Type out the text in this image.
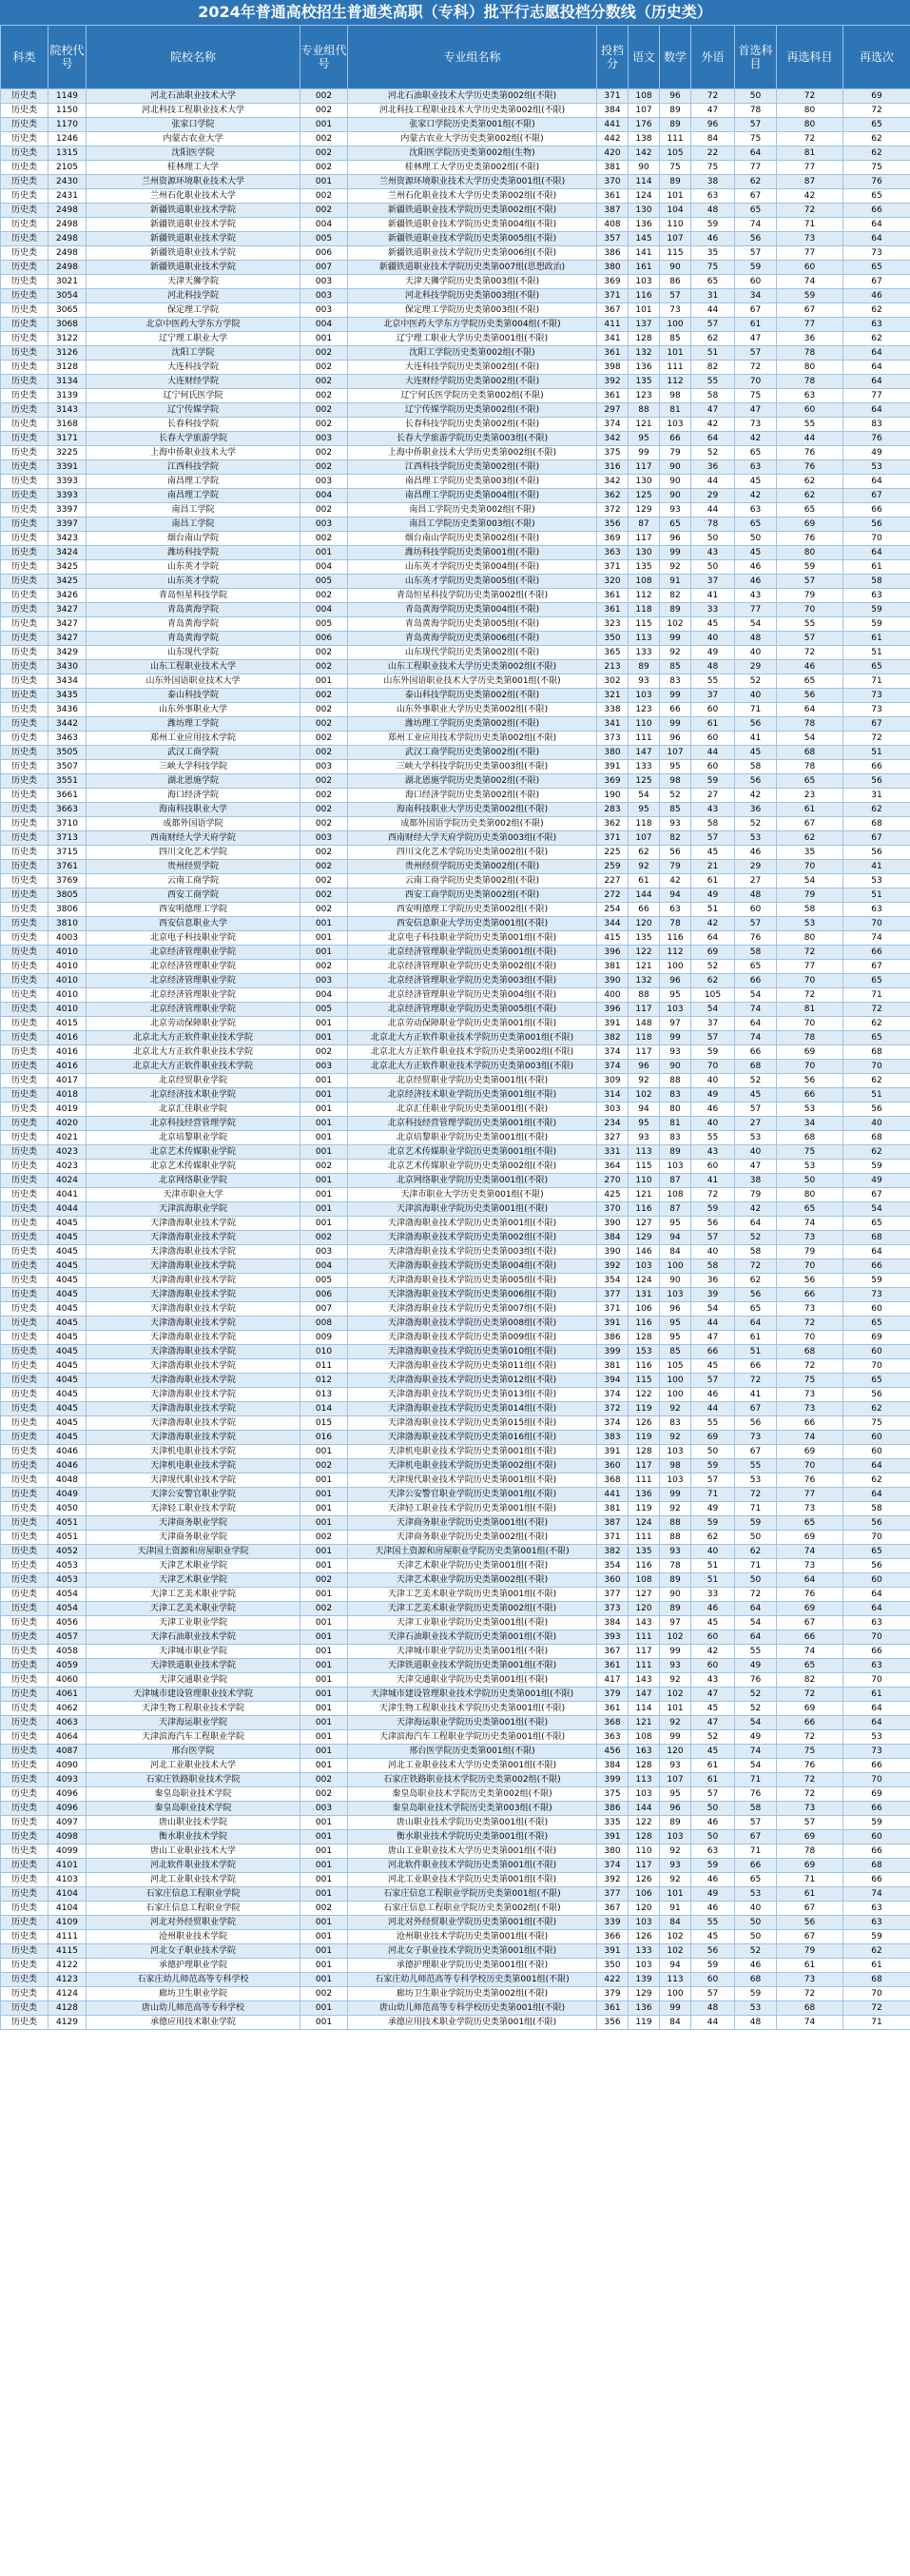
2024年普通高校招生普通类高职（专科）批平行志愿投档分数线（历史类）
科类	院校代号	院校名称	专业组代号	专业组名称	投档分	语文	数学	外语	首选科目	再选科目	再选次
历史类	1149	河北石油职业技术大学	002	河北石油职业技术大学历史类第002组(不限)	371	108	96	72	50	72	69
历史类	1150	河北科技工程职业技术大学	002	河北科技工程职业技术大学历史类第002组(不限)	384	107	89	47	78	80	72
历史类	1170	张家口学院	001	张家口学院历史类第001组(不限)	441	176	89	96	57	80	65
历史类	1246	内蒙古农业大学	002	内蒙古农业大学历史类第002组(不限)	442	138	111	84	75	72	62
历史类	1315	沈阳医学院	002	沈阳医学院历史类第002组(生物)	420	142	105	22	64	81	62
历史类	2105	桂林理工大学	002	桂林理工大学历史类第002组(不限)	381	90	75	75	77	77	75
历史类	2430	兰州资源环境职业技术大学	001	兰州资源环境职业技术大学历史类第001组(不限)	370	114	89	38	62	87	76
历史类	2431	兰州石化职业技术大学	002	兰州石化职业技术大学历史类第002组(不限)	361	124	101	63	67	42	65
历史类	2498	新疆铁道职业技术学院	002	新疆铁道职业技术学院历史类第002组(不限)	387	130	104	48	65	72	66
历史类	2498	新疆铁道职业技术学院	004	新疆铁道职业技术学院历史类第004组(不限)	408	136	110	59	74	71	64
历史类	2498	新疆铁道职业技术学院	005	新疆铁道职业技术学院历史类第005组(不限)	357	145	107	46	56	73	64
历史类	2498	新疆铁道职业技术学院	006	新疆铁道职业技术学院历史类第006组(不限)	386	141	115	35	57	77	73
历史类	2498	新疆铁道职业技术学院	007	新疆铁道职业技术学院历史类第007组(思想政治)	380	161	90	75	59	60	65
历史类	3021	天津天狮学院	003	天津天狮学院历史类第003组(不限)	369	103	86	65	60	74	67
历史类	3054	河北科技学院	003	河北科技学院历史类第003组(不限)	371	116	57	31	34	59	46
历史类	3065	保定理工学院	003	保定理工学院历史类第003组(不限)	367	101	73	44	67	67	62
历史类	3068	北京中医药大学东方学院	004	北京中医药大学东方学院历史类第004组(不限)	411	137	100	57	61	77	63
历史类	3122	辽宁理工职业大学	001	辽宁理工职业大学历史类第001组(不限)	341	128	85	62	47	36	62
历史类	3126	沈阳工学院	002	沈阳工学院历史类第002组(不限)	361	132	101	51	57	78	64
历史类	3128	大连科技学院	002	大连科技学院历史类第002组(不限)	398	136	111	82	72	80	64
历史类	3134	大连财经学院	002	大连财经学院历史类第002组(不限)	392	135	112	55	70	78	64
历史类	3139	辽宁何氏医学院	002	辽宁何氏医学院历史类第002组(不限)	361	123	98	58	75	63	77
历史类	3143	辽宁传媒学院	002	辽宁传媒学院历史类第002组(不限)	297	88	81	47	47	60	64
历史类	3168	长春科技学院	002	长春科技学院历史类第002组(不限)	374	121	103	42	73	55	83
历史类	3171	长春大学旅游学院	003	长春大学旅游学院历史类第003组(不限)	342	95	66	64	42	44	76
历史类	3225	上海中侨职业技术大学	002	上海中侨职业技术大学历史类第002组(不限)	375	99	79	52	65	76	49
历史类	3391	江西科技学院	002	江西科技学院历史类第002组(不限)	316	117	90	36	63	76	53
历史类	3393	南昌理工学院	003	南昌理工学院历史类第003组(不限)	342	130	90	44	45	62	64
历史类	3393	南昌理工学院	004	南昌理工学院历史类第004组(不限)	362	125	90	29	42	62	67
历史类	3397	南昌工学院	002	南昌工学院历史类第002组(不限)	372	129	93	44	63	65	66
历史类	3397	南昌工学院	003	南昌工学院历史类第003组(不限)	356	87	65	78	65	69	56
历史类	3423	烟台南山学院	002	烟台南山学院历史类第002组(不限)	369	117	96	50	50	76	70
历史类	3424	潍坊科技学院	001	潍坊科技学院历史类第001组(不限)	363	130	99	43	45	80	64
历史类	3425	山东英才学院	004	山东英才学院历史类第004组(不限)	371	135	92	50	46	59	61
历史类	3425	山东英才学院	005	山东英才学院历史类第005组(不限)	320	108	91	37	46	57	58
历史类	3426	青岛恒星科技学院	002	青岛恒星科技学院历史类第002组(不限)	361	112	82	41	43	79	63
历史类	3427	青岛黄海学院	004	青岛黄海学院历史类第004组(不限)	361	118	89	33	77	70	59
历史类	3427	青岛黄海学院	005	青岛黄海学院历史类第005组(不限)	323	115	102	45	54	55	59
历史类	3427	青岛黄海学院	006	青岛黄海学院历史类第006组(不限)	350	113	99	40	48	57	61
历史类	3429	山东现代学院	002	山东现代学院历史类第002组(不限)	365	133	92	49	40	72	51
历史类	3430	山东工程职业技术大学	002	山东工程职业技术大学历史类第002组(不限)	213	89	85	48	29	46	65
历史类	3434	山东外国语职业技术大学	001	山东外国语职业技术大学历史类第001组(不限)	302	93	83	55	52	65	71
历史类	3435	泰山科技学院	002	泰山科技学院历史类第002组(不限)	321	103	99	37	40	56	73
历史类	3436	山东外事职业大学	002	山东外事职业大学历史类第002组(不限)	338	123	66	60	71	64	73
历史类	3442	潍坊理工学院	002	潍坊理工学院历史类第002组(不限)	341	110	99	61	56	78	67
历史类	3463	郑州工业应用技术学院	002	郑州工业应用技术学院历史类第002组(不限)	373	111	96	60	41	54	72
历史类	3505	武汉工商学院	002	武汉工商学院历史类第002组(不限)	380	147	107	44	45	68	51
历史类	3507	三峡大学科技学院	003	三峡大学科技学院历史类第003组(不限)	391	133	95	60	58	78	66
历史类	3551	湖北恩施学院	002	湖北恩施学院历史类第002组(不限)	369	125	98	59	56	65	56
历史类	3661	海口经济学院	002	海口经济学院历史类第002组(不限)	190	54	52	27	42	23	31
历史类	3663	海南科技职业大学	002	海南科技职业大学历史类第002组(不限)	283	95	85	43	36	61	62
历史类	3710	成都外国语学院	002	成都外国语学院历史类第002组(不限)	362	118	93	58	52	67	68
历史类	3713	西南财经大学天府学院	003	西南财经大学天府学院历史类第003组(不限)	371	107	82	57	53	62	67
历史类	3715	四川文化艺术学院	002	四川文化艺术学院历史类第002组(不限)	225	62	56	45	46	35	56
历史类	3761	贵州经贸学院	002	贵州经贸学院历史类第002组(不限)	259	92	79	21	29	70	41
历史类	3769	云南工商学院	002	云南工商学院历史类第002组(不限)	227	61	42	61	27	54	53
历史类	3805	西安工商学院	002	西安工商学院历史类第002组(不限)	272	144	94	49	48	79	51
历史类	3806	西安明德理工学院	002	西安明德理工学院历史类第002组(不限)	254	66	63	51	60	58	63
历史类	3810	西安信息职业大学	001	西安信息职业大学历史类第001组(不限)	344	120	78	42	57	53	70
历史类	4003	北京电子科技职业学院	001	北京电子科技职业学院历史类第001组(不限)	415	135	116	64	76	80	74
历史类	4010	北京经济管理职业学院	001	北京经济管理职业学院历史类第001组(不限)	396	122	112	69	58	72	66
历史类	4010	北京经济管理职业学院	002	北京经济管理职业学院历史类第002组(不限)	381	121	100	52	65	77	67
历史类	4010	北京经济管理职业学院	003	北京经济管理职业学院历史类第003组(不限)	390	132	96	62	66	70	65
历史类	4010	北京经济管理职业学院	004	北京经济管理职业学院历史类第004组(不限)	400	88	95	105	54	72	71
历史类	4010	北京经济管理职业学院	005	北京经济管理职业学院历史类第005组(不限)	396	117	103	54	74	81	72
历史类	4015	北京劳动保障职业学院	001	北京劳动保障职业学院历史类第001组(不限)	391	148	97	37	64	70	62
历史类	4016	北京北大方正软件职业技术学院	001	北京北大方正软件职业技术学院历史类第001组(不限)	382	118	99	57	74	78	65
历史类	4016	北京北大方正软件职业技术学院	002	北京北大方正软件职业技术学院历史类第002组(不限)	374	117	93	59	66	69	68
历史类	4016	北京北大方正软件职业技术学院	003	北京北大方正软件职业技术学院历史类第003组(不限)	374	96	90	70	68	70	70
历史类	4017	北京经贸职业学院	001	北京经贸职业学院历史类第001组(不限)	309	92	88	40	52	56	62
历史类	4018	北京经济技术职业学院	001	北京经济技术职业学院历史类第001组(不限)	314	102	83	49	45	66	51
历史类	4019	北京汇佳职业学院	001	北京汇佳职业学院历史类第001组(不限)	303	94	80	46	57	53	56
历史类	4020	北京科技经营管理学院	001	北京科技经营管理学院历史类第001组(不限)	234	95	81	40	27	34	40
历史类	4021	北京培黎职业学院	001	北京培黎职业学院历史类第001组(不限)	327	93	83	55	53	68	68
历史类	4023	北京艺术传媒职业学院	001	北京艺术传媒职业学院历史类第001组(不限)	331	113	89	43	40	75	62
历史类	4023	北京艺术传媒职业学院	002	北京艺术传媒职业学院历史类第002组(不限)	364	115	103	60	47	53	59
历史类	4024	北京网络职业学院	001	北京网络职业学院历史类第001组(不限)	270	110	87	41	38	50	49
历史类	4041	天津市职业大学	001	天津市职业大学历史类第001组(不限)	425	121	108	72	79	80	67
历史类	4044	天津滨海职业学院	001	天津滨海职业学院历史类第001组(不限)	370	116	87	59	42	65	54
历史类	4045	天津渤海职业技术学院	001	天津渤海职业技术学院历史类第001组(不限)	390	127	95	56	64	74	65
历史类	4045	天津渤海职业技术学院	002	天津渤海职业技术学院历史类第002组(不限)	384	129	94	57	52	73	68
历史类	4045	天津渤海职业技术学院	003	天津渤海职业技术学院历史类第003组(不限)	390	146	84	40	58	79	64
历史类	4045	天津渤海职业技术学院	004	天津渤海职业技术学院历史类第004组(不限)	392	103	100	58	72	70	66
历史类	4045	天津渤海职业技术学院	005	天津渤海职业技术学院历史类第005组(不限)	354	124	90	36	62	56	59
历史类	4045	天津渤海职业技术学院	006	天津渤海职业技术学院历史类第006组(不限)	377	131	103	39	56	66	73
历史类	4045	天津渤海职业技术学院	007	天津渤海职业技术学院历史类第007组(不限)	371	106	96	54	65	73	60
历史类	4045	天津渤海职业技术学院	008	天津渤海职业技术学院历史类第008组(不限)	391	116	95	44	64	72	65
历史类	4045	天津渤海职业技术学院	009	天津渤海职业技术学院历史类第009组(不限)	386	128	95	47	61	70	69
历史类	4045	天津渤海职业技术学院	010	天津渤海职业技术学院历史类第010组(不限)	399	153	85	66	51	68	60
历史类	4045	天津渤海职业技术学院	011	天津渤海职业技术学院历史类第011组(不限)	381	116	105	45	66	72	70
历史类	4045	天津渤海职业技术学院	012	天津渤海职业技术学院历史类第012组(不限)	394	115	100	57	72	75	65
历史类	4045	天津渤海职业技术学院	013	天津渤海职业技术学院历史类第013组(不限)	374	122	100	46	41	73	56
历史类	4045	天津渤海职业技术学院	014	天津渤海职业技术学院历史类第014组(不限)	372	119	92	44	67	73	62
历史类	4045	天津渤海职业技术学院	015	天津渤海职业技术学院历史类第015组(不限)	374	126	83	55	56	66	75
历史类	4045	天津渤海职业技术学院	016	天津渤海职业技术学院历史类第016组(不限)	383	119	92	69	73	74	60
历史类	4046	天津机电职业技术学院	001	天津机电职业技术学院历史类第001组(不限)	391	128	103	50	67	69	60
历史类	4046	天津机电职业技术学院	002	天津机电职业技术学院历史类第002组(不限)	360	117	98	59	55	70	64
历史类	4048	天津现代职业技术学院	001	天津现代职业技术学院历史类第001组(不限)	368	111	103	57	53	76	62
历史类	4049	天津公安警官职业学院	001	天津公安警官职业学院历史类第001组(不限)	441	136	99	71	72	77	64
历史类	4050	天津轻工职业技术学院	001	天津轻工职业技术学院历史类第001组(不限)	381	119	92	49	71	73	58
历史类	4051	天津商务职业学院	001	天津商务职业学院历史类第001组(不限)	387	124	88	59	59	65	56
历史类	4051	天津商务职业学院	002	天津商务职业学院历史类第002组(不限)	371	111	88	62	50	69	70
历史类	4052	天津国土资源和房屋职业学院	001	天津国土资源和房屋职业学院历史类第001组(不限)	382	135	93	40	62	74	65
历史类	4053	天津艺术职业学院	001	天津艺术职业学院历史类第001组(不限)	354	116	78	51	71	73	56
历史类	4053	天津艺术职业学院	002	天津艺术职业学院历史类第002组(不限)	360	108	89	51	50	64	60
历史类	4054	天津工艺美术职业学院	001	天津工艺美术职业学院历史类第001组(不限)	377	127	90	33	72	76	64
历史类	4054	天津工艺美术职业学院	002	天津工艺美术职业学院历史类第002组(不限)	373	120	89	46	64	69	64
历史类	4056	天津工业职业学院	001	天津工业职业学院历史类第001组(不限)	384	143	97	45	54	67	63
历史类	4057	天津石油职业技术学院	001	天津石油职业技术学院历史类第001组(不限)	393	111	102	60	64	66	70
历史类	4058	天津城市职业学院	001	天津城市职业学院历史类第001组(不限)	367	117	99	42	55	74	66
历史类	4059	天津铁道职业技术学院	001	天津铁道职业技术学院历史类第001组(不限)	361	111	93	60	49	65	63
历史类	4060	天津交通职业学院	001	天津交通职业学院历史类第001组(不限)	417	143	92	43	76	82	70
历史类	4061	天津城市建设管理职业技术学院	001	天津城市建设管理职业技术学院历史类第001组(不限)	379	147	102	47	52	72	61
历史类	4062	天津生物工程职业技术学院	001	天津生物工程职业技术学院历史类第001组(不限)	361	114	101	45	52	69	64
历史类	4063	天津海运职业学院	001	天津海运职业学院历史类第001组(不限)	368	121	92	47	54	66	64
历史类	4064	天津滨海汽车工程职业学院	001	天津滨海汽车工程职业学院历史类第001组(不限)	363	108	99	52	49	72	53
历史类	4087	邢台医学院	001	邢台医学院历史类第001组(不限)	456	163	120	45	74	75	73
历史类	4090	河北工业职业技术大学	001	河北工业职业技术大学历史类第001组(不限)	384	128	93	61	54	76	66
历史类	4093	石家庄铁路职业技术学院	002	石家庄铁路职业技术学院历史类第002组(不限)	399	113	107	61	71	72	70
历史类	4096	秦皇岛职业技术学院	002	秦皇岛职业技术学院历史类第002组(不限)	375	103	95	57	76	72	69
历史类	4096	秦皇岛职业技术学院	003	秦皇岛职业技术学院历史类第003组(不限)	386	144	96	50	58	73	66
历史类	4097	唐山职业技术学院	001	唐山职业技术学院历史类第001组(不限)	335	122	89	46	57	57	59
历史类	4098	衡水职业技术学院	001	衡水职业技术学院历史类第001组(不限)	391	128	103	50	67	69	60
历史类	4099	唐山工业职业技术大学	001	唐山工业职业技术大学历史类第001组(不限)	380	110	92	63	71	78	66
历史类	4101	河北软件职业技术学院	001	河北软件职业技术学院历史类第001组(不限)	374	117	93	59	66	69	68
历史类	4103	河北工业职业技术学院	001	河北工业职业技术学院历史类第001组(不限)	392	126	92	46	65	71	66
历史类	4104	石家庄信息工程职业学院	001	石家庄信息工程职业学院历史类第001组(不限)	377	106	101	49	53	61	74
历史类	4104	石家庄信息工程职业学院	002	石家庄信息工程职业学院历史类第002组(不限)	367	120	91	46	40	67	63
历史类	4109	河北对外经贸职业学院	001	河北对外经贸职业学院历史类第001组(不限)	339	103	84	55	50	56	63
历史类	4111	沧州职业技术学院	001	沧州职业技术学院历史类第001组(不限)	366	126	102	45	50	67	59
历史类	4115	河北女子职业技术学院	001	河北女子职业技术学院历史类第001组(不限)	391	133	102	56	52	79	62
历史类	4122	承德护理职业学院	001	承德护理职业学院历史类第001组(不限)	350	103	94	59	46	61	61
历史类	4123	石家庄幼儿师范高等专科学校	001	石家庄幼儿师范高等专科学校历史类第001组(不限)	422	139	113	60	68	73	68
历史类	4124	廊坊卫生职业学院	002	廊坊卫生职业学院历史类第002组(不限)	379	129	100	57	59	72	70
历史类	4128	唐山幼儿师范高等专科学校	001	唐山幼儿师范高等专科学校历史类第001组(不限)	361	136	99	48	53	68	72
历史类	4129	承德应用技术职业学院	001	承德应用技术职业学院历史类第001组(不限)	356	119	84	44	48	74	71
